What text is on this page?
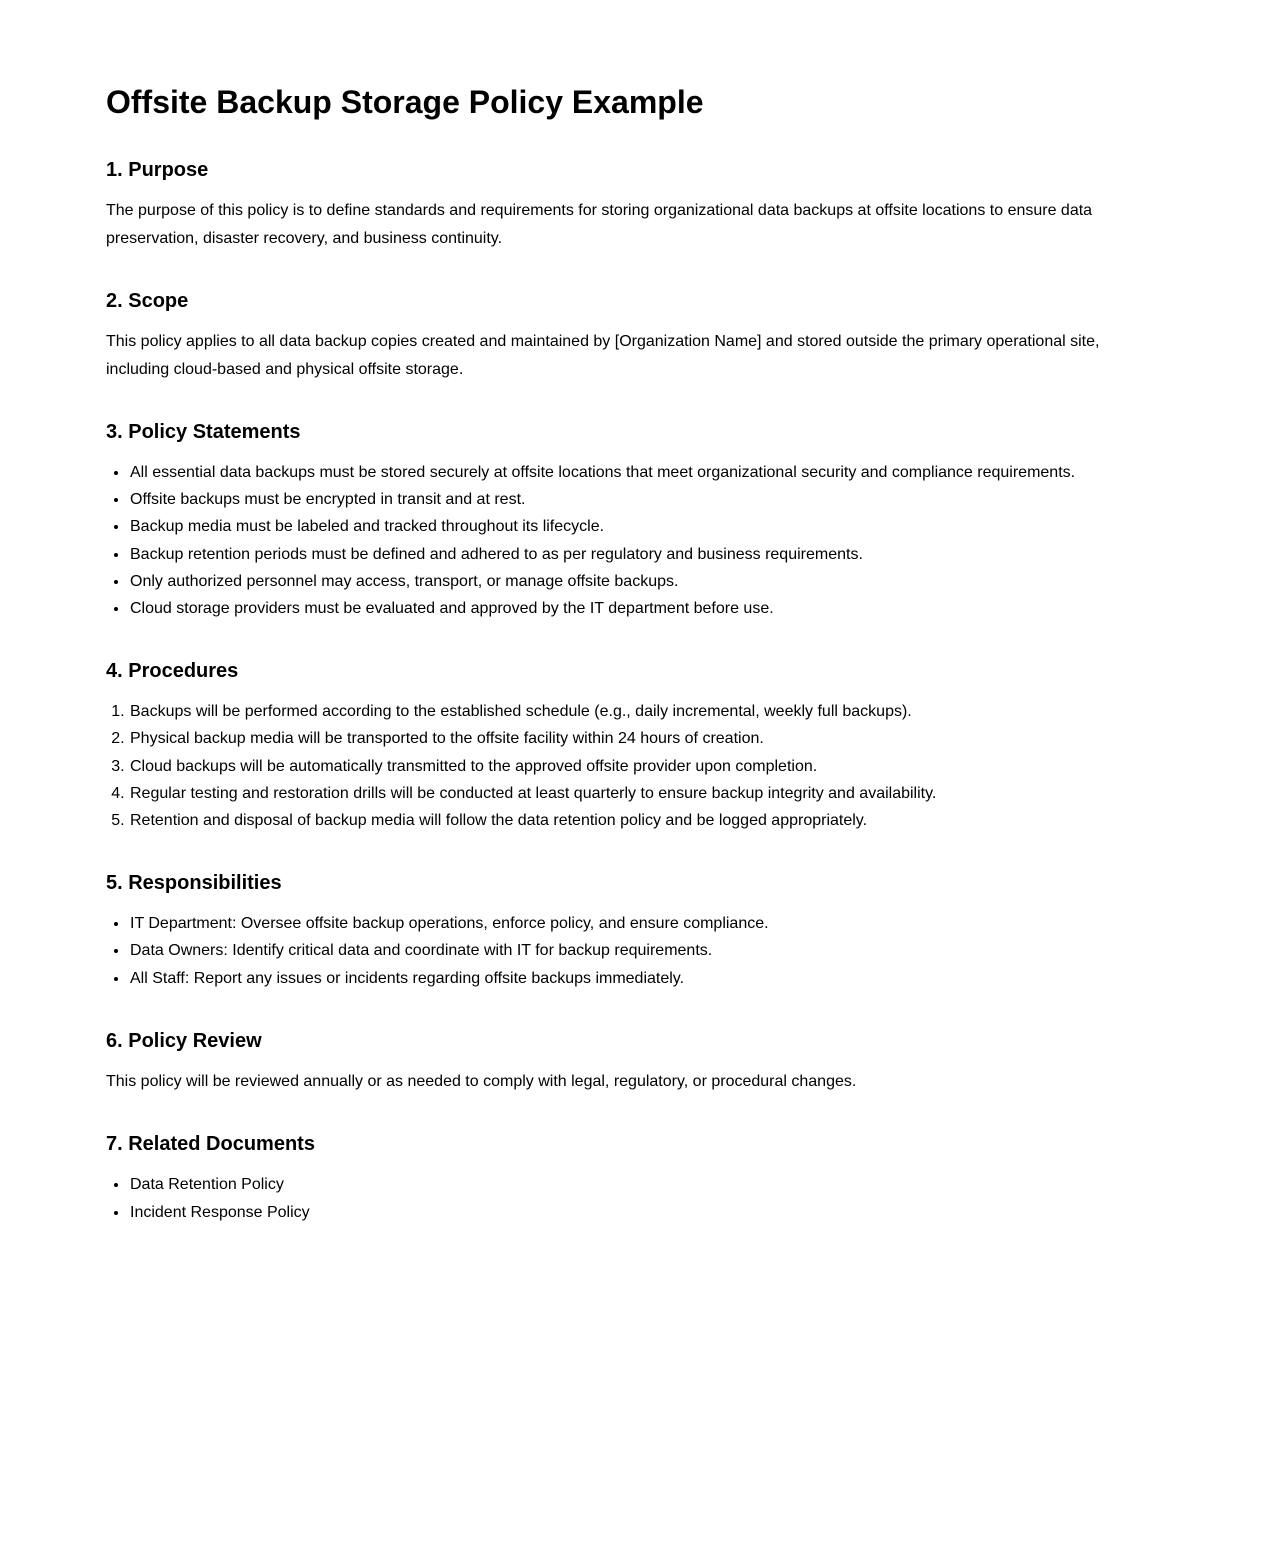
Offsite Backup Storage Policy Example
1. Purpose

The purpose of this policy is to define standards and requirements for storing organizational data backups at offsite locations to ensure data preservation, disaster recovery, and business continuity.

2. Scope

This policy applies to all data backup copies created and maintained by [Organization Name] and stored outside the primary operational site, including cloud-based and physical offsite storage.

3. Policy Statements
• All essential data backups must be stored securely at offsite locations that meet organizational security and compliance requirements.
• Offsite backups must be encrypted in transit and at rest.
• Backup media must be labeled and tracked throughout its lifecycle.
• Backup retention periods must be defined and adhered to as per regulatory and business requirements.
• Only authorized personnel may access, transport, or manage offsite backups.
• Cloud storage providers must be evaluated and approved by the IT department before use.
4. Procedures
1. Backups will be performed according to the established schedule (e.g., daily incremental, weekly full backups).
2. Physical backup media will be transported to the offsite facility within 24 hours of creation.
3. Cloud backups will be automatically transmitted to the approved offsite provider upon completion.
4. Regular testing and restoration drills will be conducted at least quarterly to ensure backup integrity and availability.
5. Retention and disposal of backup media will follow the data retention policy and be logged appropriately.
5. Responsibilities
• IT Department: Oversee offsite backup operations, enforce policy, and ensure compliance.
• Data Owners: Identify critical data and coordinate with IT for backup requirements.
• All Staff: Report any issues or incidents regarding offsite backups immediately.
6. Policy Review

This policy will be reviewed annually or as needed to comply with legal, regulatory, or procedural changes.

7. Related Documents
• Data Retention Policy
• Incident Response Policy
